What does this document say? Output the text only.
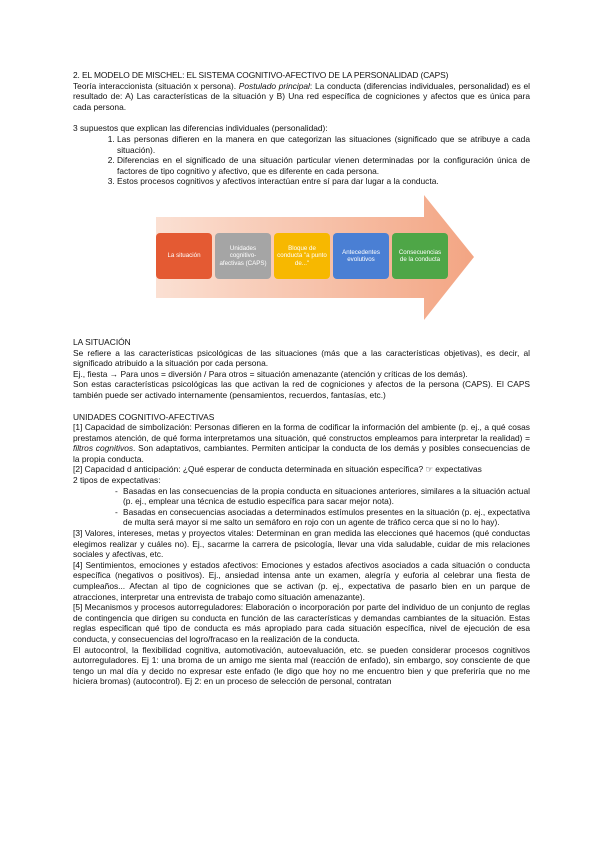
2. EL MODELO DE MISCHEL: EL SISTEMA COGNITIVO-AFECTIVO DE LA PERSONALIDAD (CAPS)

Teoría interaccionista (situación x persona). Postulado principal: La conducta (diferencias individuales, personalidad) es el resultado de: A) Las características de la situación y B) Una red específica de cogniciones y afectos que es única para cada persona.

3 supuestos que explican las diferencias individuales (personalidad):

1. Las personas difieren en la manera en que categorizan las situaciones (significado que se atribuye a cada situación).
2. Diferencias en el significado de una situación particular vienen determinadas por la configuración única de factores de tipo cognitivo y afectivo, que es diferente en cada persona.
3. Estos procesos cognitivos y afectivos interactúan entre sí para dar lugar a la conducta.
La situación
Unidades cognitivo-afectivas (CAPS)
Bloque de conducta "a punto de..."
Antecedentes evolutivos
Consecuencias de la conducta

LA SITUACIÓN

Se refiere a las características psicológicas de las situaciones (más que a las características objetivas), es decir, al significado atribuido a la situación por cada persona.

Ej., fiesta → Para unos = diversión / Para otros = situación amenazante (atención y críticas de los demás).

Son estas características psicológicas las que activan la red de cogniciones y afectos de la persona (CAPS). El CAPS también puede ser activado internamente (pensamientos, recuerdos, fantasías, etc.)

UNIDADES COGNITIVO-AFECTIVAS

[1] Capacidad de simbolización: Personas difieren en la forma de codificar la información del ambiente (p. ej., a qué cosas prestamos atención, de qué forma interpretamos una situación, qué constructos empleamos para interpretar la realidad) = filtros cognitivos. Son adaptativos, cambiantes. Permiten anticipar la conducta de los demás y posibles consecuencias de la propia conducta.

[2] Capacidad d anticipación: ¿Qué esperar de conducta determinada en situación específica? ☞ expectativas

2 tipos de expectativas:

- Basadas en las consecuencias de la propia conducta en situaciones anteriores, similares a la situación actual (p. ej., emplear una técnica de estudio específica para sacar mejor nota).
- Basadas en consecuencias asociadas a determinados estímulos presentes en la situación (p. ej., expectativa de multa será mayor si me salto un semáforo en rojo con un agente de tráfico cerca que si no lo hay).

[3] Valores, intereses, metas y proyectos vitales: Determinan en gran medida las elecciones qué hacemos (qué conductas elegimos realizar y cuáles no). Ej., sacarme la carrera de psicología, llevar una vida saludable, cuidar de mis relaciones sociales y afectivas, etc.

[4] Sentimientos, emociones y estados afectivos: Emociones y estados afectivos asociados a cada situación o conducta específica (negativos o positivos). Ej., ansiedad intensa ante un examen, alegría y euforia al celebrar una fiesta de cumpleaños... Afectan al tipo de cogniciones que se activan (p. ej., expectativa de pasarlo bien en un parque de atracciones, interpretar una entrevista de trabajo como situación amenazante).

[5] Mecanismos y procesos autorreguladores: Elaboración o incorporación por parte del individuo de un conjunto de reglas de contingencia que dirigen su conducta en función de las características y demandas cambiantes de la situación. Estas reglas especifican qué tipo de conducta es más apropiado para cada situación específica, nivel de ejecución de esa conducta, y consecuencias del logro/fracaso en la realización de la conducta.

El autocontrol, la flexibilidad cognitiva, automotivación, autoevaluación, etc. se pueden considerar procesos cognitivos autorreguladores. Ej 1: una broma de un amigo me sienta mal (reacción de enfado), sin embargo, soy consciente de que tengo un mal día y decido no expresar este enfado (le digo que hoy no me encuentro bien y que preferiría que no me hiciera bromas) (autocontrol). Ej 2: en un proceso de selección de personal, contratan
